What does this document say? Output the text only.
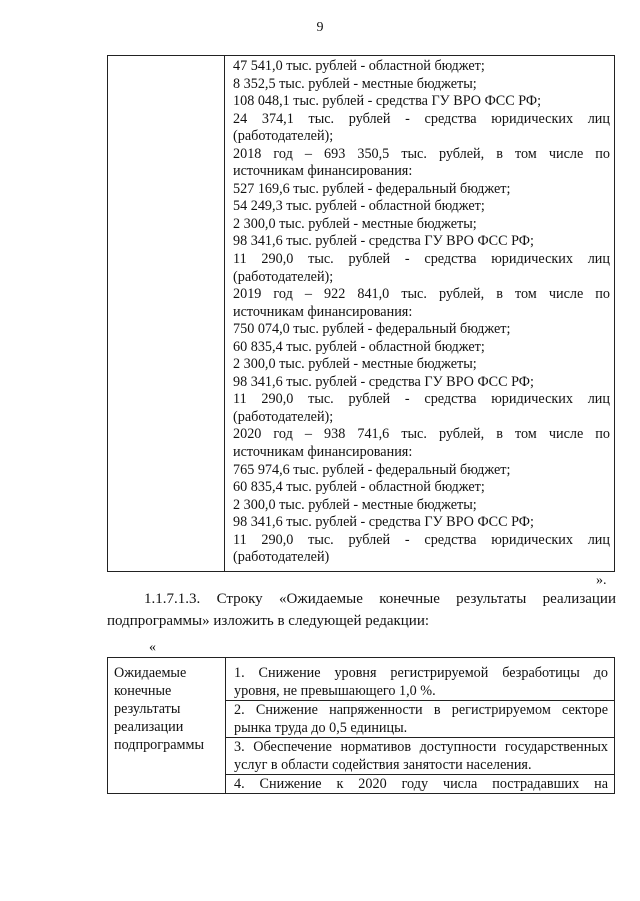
9

47 541,0 тыс. рублей - областной бюджет;
8 352,5 тыс. рублей - местные бюджеты;
108 048,1 тыс. рублей - средства ГУ ВРО ФСС РФ;
24 374,1 тыс. рублей - средства юридических лиц
(работодателей);
2018 год – 693 350,5 тыс. рублей, в том числе по
источникам финансирования:
527 169,6 тыс. рублей - федеральный бюджет;
54 249,3 тыс. рублей - областной бюджет;
2 300,0 тыс. рублей - местные бюджеты;
98 341,6 тыс. рублей - средства ГУ ВРО ФСС РФ;
11 290,0 тыс. рублей - средства юридических лиц
(работодателей);
2019 год – 922 841,0 тыс. рублей, в том числе по
источникам финансирования:
750 074,0 тыс. рублей - федеральный бюджет;
60 835,4 тыс. рублей - областной бюджет;
2 300,0 тыс. рублей - местные бюджеты;
98 341,6 тыс. рублей - средства ГУ ВРО ФСС РФ;
11 290,0 тыс. рублей - средства юридических лиц
(работодателей);
2020 год – 938 741,6 тыс. рублей, в том числе по
источникам финансирования:
765 974,6 тыс. рублей - федеральный бюджет;
60 835,4 тыс. рублей - областной бюджет;
2 300,0 тыс. рублей - местные бюджеты;
98 341,6 тыс. рублей - средства ГУ ВРО ФСС РФ;
11 290,0 тыс. рублей - средства юридических лиц
(работодателей)
».
1.1.7.1.3. Строку «Ожидаемые конечные результаты реализации
подпрограммы» изложить в следующей редакции:
«
Ожидаемые
конечные
результаты
реализации
подпрограммы

1. Снижение уровня регистрируемой безработицы до
уровня, не превышающего 1,0 %.
2. Снижение напряженности в регистрируемом секторе
рынка труда до 0,5 единицы.
3. Обеспечение нормативов доступности государственных
услуг в области содействия занятости населения.
4. Снижение к 2020 году числа пострадавших на
